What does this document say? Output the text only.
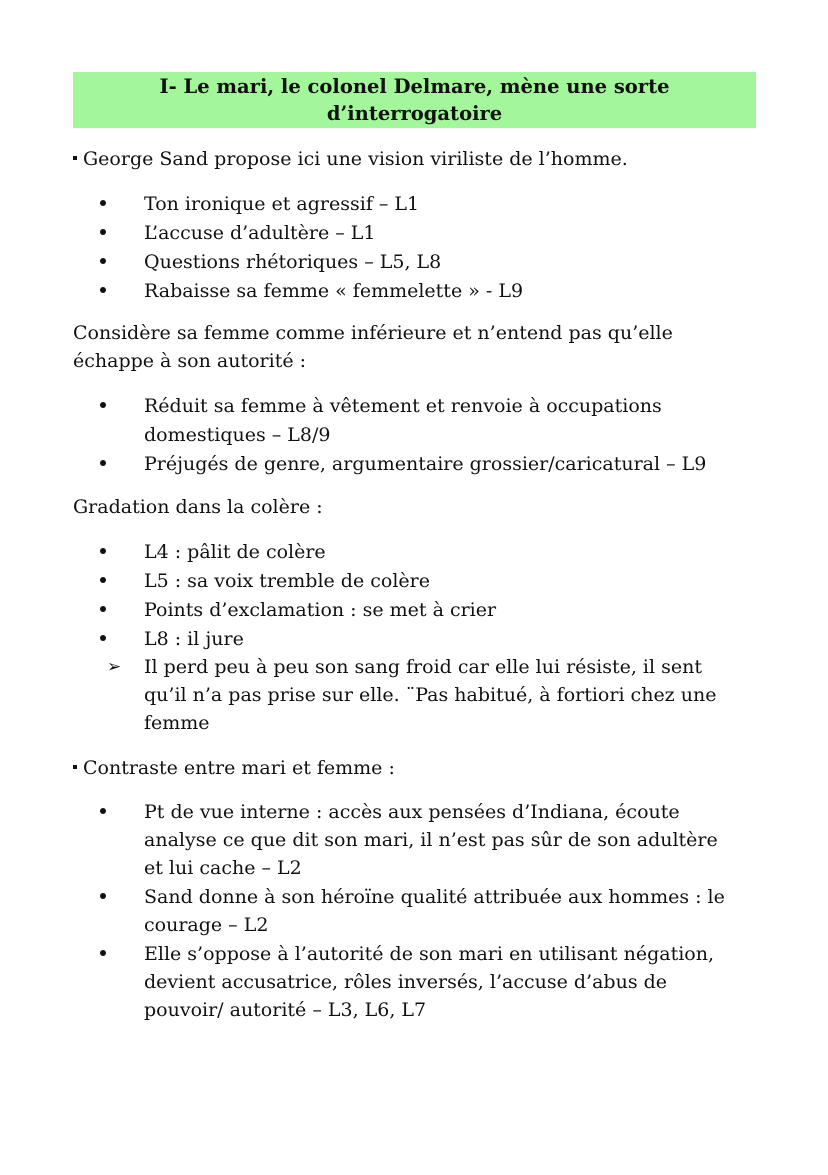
I- Le mari, le colonel Delmare, mène une sorte
d’interrogatoire
George Sand propose ici une vision viriliste de l’homme.
Ton ironique et agressif – L1
L’accuse d’adultère – L1
Questions rhétoriques – L5, L8
Rabaisse sa femme « femmelette » - L9
Considère sa femme comme inférieure et n’entend pas qu’elle
échappe à son autorité :
Réduit sa femme à vêtement et renvoie à occupations
domestiques – L8/9
Préjugés de genre, argumentaire grossier/caricatural – L9
Gradation dans la colère :
L4 : pâlit de colère
L5 : sa voix tremble de colère
Points d’exclamation : se met à crier
L8 : il jure
➢ Il perd peu à peu son sang froid car elle lui résiste, il sent
qu’il n’a pas prise sur elle. ¨Pas habitué, à fortiori chez une
femme
Contraste entre mari et femme :
Pt de vue interne : accès aux pensées d’Indiana, écoute
analyse ce que dit son mari, il n’est pas sûr de son adultère
et lui cache – L2
Sand donne à son héroïne qualité attribuée aux hommes : le
courage – L2
Elle s’oppose à l’autorité de son mari en utilisant négation,
devient accusatrice, rôles inversés, l’accuse d’abus de
pouvoir/ autorité – L3, L6, L7
